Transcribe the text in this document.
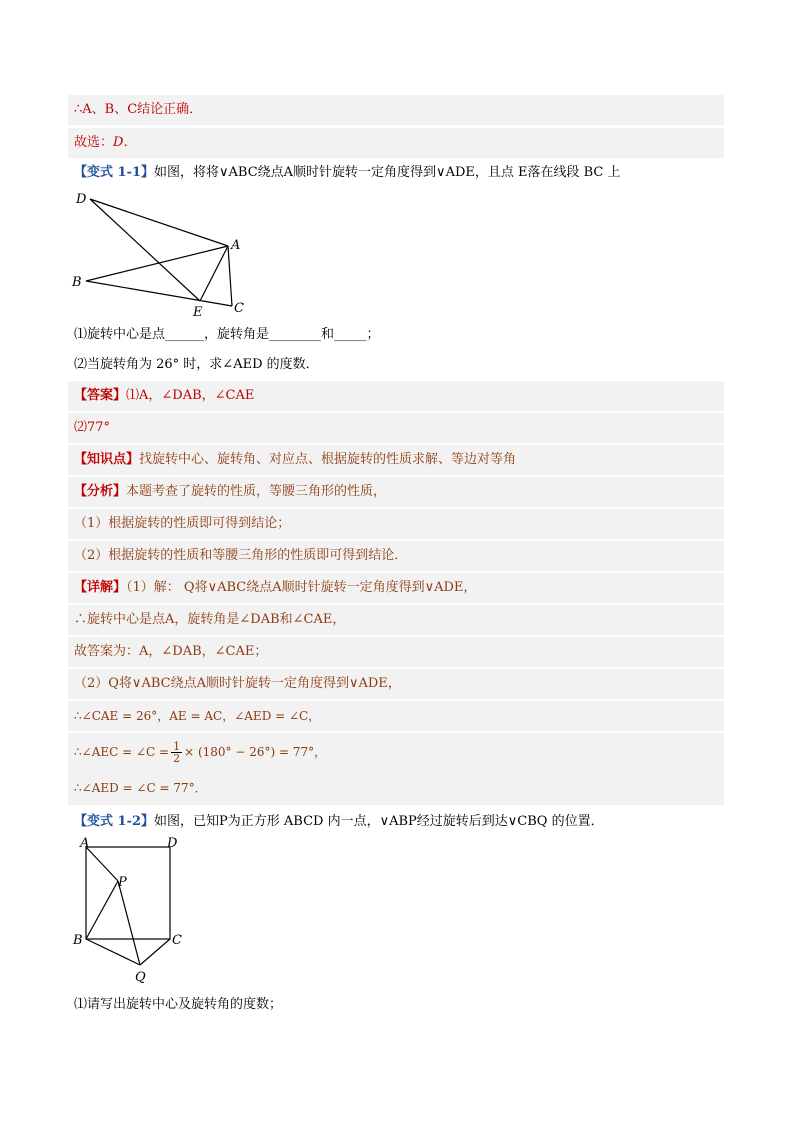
∴A、B、C结论正确．
故选：D．
【变式 1-1】如图，将将∨ABC绕点A顺时针旋转一定角度得到∨ADE，且点 E落在线段 BC 上
D
A
B
E C
⑴旋转中心是点______，旋转角是________和_____；
⑵当旋转角为 26° 时，求∠AED 的度数．
【答案】⑴A，∠DAB，∠CAE
⑵77°
【知识点】找旋转中心、旋转角、对应点、根据旋转的性质求解、等边对等角
【分析】本题考查了旋转的性质，等腰三角形的性质，
（1）根据旋转的性质即可得到结论；
（2）根据旋转的性质和等腰三角形的性质即可得到结论．
【详解】（1）解： Q将∨ABC绕点A顺时针旋转一定角度得到∨ADE，
∴旋转中心是点A，旋转角是∠DAB和∠CAE，
故答案为：A，∠DAB，∠CAE；
（2）Q将∨ABC绕点A顺时针旋转一定角度得到∨ADE，
∴∠CAE = 26°，AE = AC，∠AED = ∠C，
∴∠AEC = ∠C = $\frac{1}{2} \times (180^\circ - 26^\circ) = 77^\circ$，
∴∠AED = ∠C = 77°．
【变式 1-2】如图，已知P为正方形 ABCD 内一点，∨ABP经过旋转后到达∨CBQ 的位置．
A	D
P
B	C
Q
⑴请写出旋转中心及旋转角的度数；
